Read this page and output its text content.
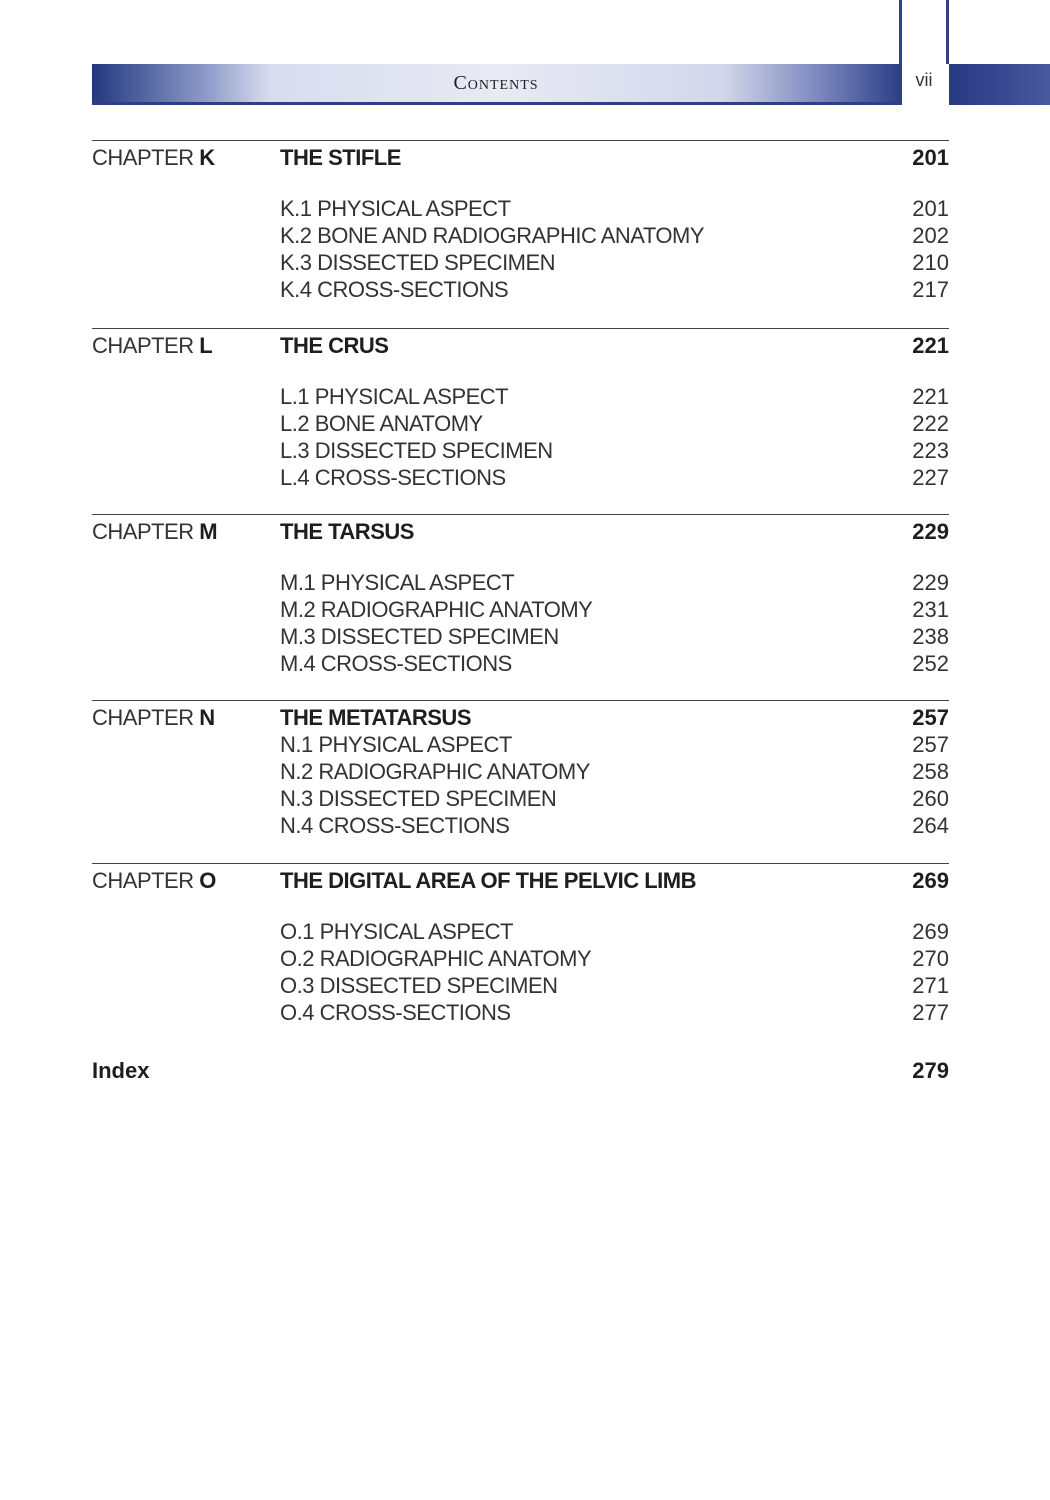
Contents	vii
CHAPTER K	THE STIFLE	201
K.1 PHYSICAL ASPECT	201
K.2 BONE AND RADIOGRAPHIC ANATOMY	202
K.3 DISSECTED SPECIMEN	210
K.4 CROSS-SECTIONS	217
CHAPTER L	THE CRUS	221
L.1 PHYSICAL ASPECT	221
L.2 BONE ANATOMY	222
L.3 DISSECTED SPECIMEN	223
L.4 CROSS-SECTIONS	227
CHAPTER M	THE TARSUS	229
M.1 PHYSICAL ASPECT	229
M.2 RADIOGRAPHIC ANATOMY	231
M.3 DISSECTED SPECIMEN	238
M.4 CROSS-SECTIONS	252
CHAPTER N	THE METATARSUS	257
N.1 PHYSICAL ASPECT	257
N.2 RADIOGRAPHIC ANATOMY	258
N.3 DISSECTED SPECIMEN	260
N.4 CROSS-SECTIONS	264
CHAPTER O	THE DIGITAL AREA OF THE PELVIC LIMB	269
O.1 PHYSICAL ASPECT	269
O.2 RADIOGRAPHIC ANATOMY	270
O.3 DISSECTED SPECIMEN	271
O.4 CROSS-SECTIONS	277
Index	279
